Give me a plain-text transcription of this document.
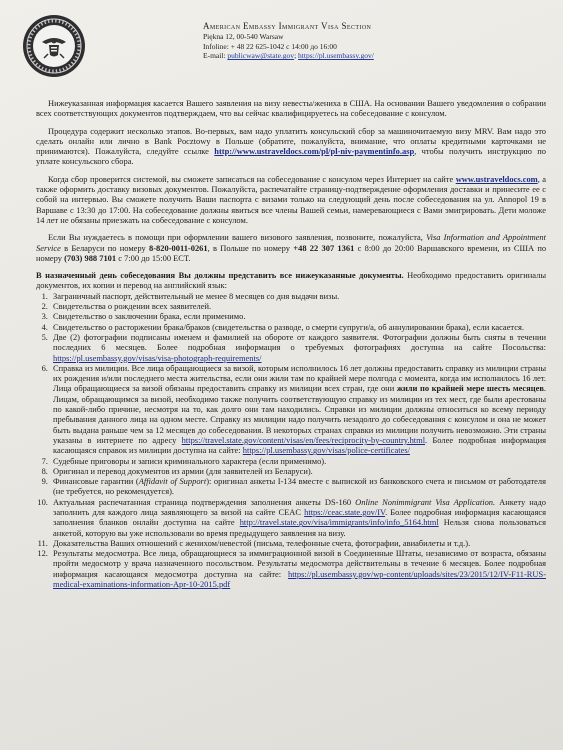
American Embassy Immigrant Visa Section
Piękna 12, 00-540 Warsaw
Infoline: + 48 22 625-1042 c 14:00 до 16:00
E-mail: publicwaw@state.gov; https://pl.usembassy.gov/

Нижеуказанная информация касается Вашего заявления на визу невесты/жениха в США. На основании Вашего уведомления о собрании всех соответствующих документов подтверждаем, что вы сейчас квалифицируетесь на собеседование с консулом.

Процедура содержит несколько этапов. Во-первых, вам надо уплатить консульский сбор за машиночитаемую визу MRV. Вам надо это сделать онлайн или лично в Bank Pocztowy в Польше (обратите, пожалуйста, внимание, что оплаты кредитными карточками не принимаются). Пожалуйста, следуйте ссылке http://www.ustraveldocs.com/pl/pl-niv-paymentinfo.asp, чтобы получить инструкцию по уплате консульского сбора.

Когда сбор проверится системой, вы сможете записаться на собеседование с консулом через Интернет на сайте www.ustraveldocs.com, а также оформить доставку визовых документов. Пожалуйста, распечатайте страницу-подтверждение оформления доставки и принесите ее с собой на интервью. Вы сможете получить Ваши паспорта с визами только на следующий день после собеседования на ул. Annopol 19 в Варшаве с 13:30 до 17:00. На собеседование должны явиться все члены Вашей семьи, намеревающиеся с Вами эмигрировать. Дети моложе 14 лет не обязаны приезжать на собеседование с консулом.

Если Вы нуждаетесь в помощи при оформлении вашего визового заявления, позвоните, пожалуйста, Visa Information and Appointment Service в Беларуси по номеру 8-820-0011-0261, в Польше по номеру +48 22 307 1361 с 8:00 до 20:00 Варшавского времени, из США по номеру (703) 988 7101 с 7:00 до 15:00 ЕСТ.

В назначенный день собеседования Вы должны представить все нижеуказанные документы. Необходимо предоставить оригиналы документов, их копии и перевод на английский язык:

1. Заграничный паспорт, действительный не менее 8 месяцев со дня выдачи визы.
2. Свидетельства о рождении всех заявителей.
3. Свидетельство о заключении брака, если применимо.
4. Свидетельство о расторжении брака/браков (свидетельства о разводе, о смерти супруги/а, об аннулировании брака), если касается.
5. Две (2) фотографии подписаны именем и фамилией на обороте от каждого заявителя. Фотографии должны быть сняты в течении последних 6 месяцев. Более подробная информация о требуемых фотографиях доступна на сайте Посольства: https://pl.usembassy.gov/visas/visa-photograph-requirements/
6. Справка из милиции. Все лица обращающиеся за визой, которым исполнилось 16 лет должны предоставить справку из милиции страны их рождения и/или последнего места жительства, если они жили там по крайней мере полгода с момента, когда им исполнилось 16 лет. Лица обращающиеся за визой обязаны предоставить справку из милиции всех стран, где они жили по крайней мере шесть месяцев. Лицам, обращающимся за визой, необходимо также получить соответствующую справку из милиции из тех мест, где были арестованы по какой-либо причине, несмотря на то, как долго они там находились. Справки из милиции должны относиться ко всему периоду пребывания данного лица на одном месте. Справку из милиции надо получить незадолго до собеседования с консулом и она не может быть выдана раньше чем за 12 месяцев до собеседования. В некоторых странах справки из милиции получить невозможно. Эти страны указаны в интернете по адресу https://travel.state.gov/content/visas/en/fees/reciprocity-by-country.html. Более подробная информация касающаяся справок из милиции доступна на сайте: https://pl.usembassy.gov/visas/police-certificates/
7. Судебные приговоры и записи криминального характера (если применимо).
8. Оригинал и перевод документов из армии (для заявителей из Беларуси).
9. Финансовые гарантии (Affidavit of Support): оригинал анкеты I-134 вместе с выпиской из банковского счета и письмом от работодателя (не требуется, но рекомендуется).
10. Актуальная распечатанная страница подтверждения заполнения анкеты DS-160 Online Nonimmigrant Visa Application. Анкету надо заполнить для каждого лица заявляющего за визой на сайте CEAC https://ceac.state.gov/IV. Более подробная информация касающаяся заполнения бланков онлайн доступна на сайте http://travel.state.gov/visa/immigrants/info/info_5164.html Нельзя снова пользоваться анкетой, которую вы уже использовали во время предыдущего заявления на визу.
11. Доказательства Ваших отношений с женихом/невестой (письма, телефонные счета, фотографии, авиабилеты и т.д.).
12. Результаты медосмотра. Все лица, обращающиеся за иммиграционной визой в Соединенные Штаты, независимо от возраста, обязаны пройти медосмотр у врача назначенного посольством. Результаты медосмотра действительны в течение 6 месяцев. Более подробная информация касающаяся медосмотра доступна на сайте: https://pl.usembassy.gov/wp-content/uploads/sites/23/2015/12/IV-F11-RUS-medical-examinations-information-Apr-10-2015.pdf
